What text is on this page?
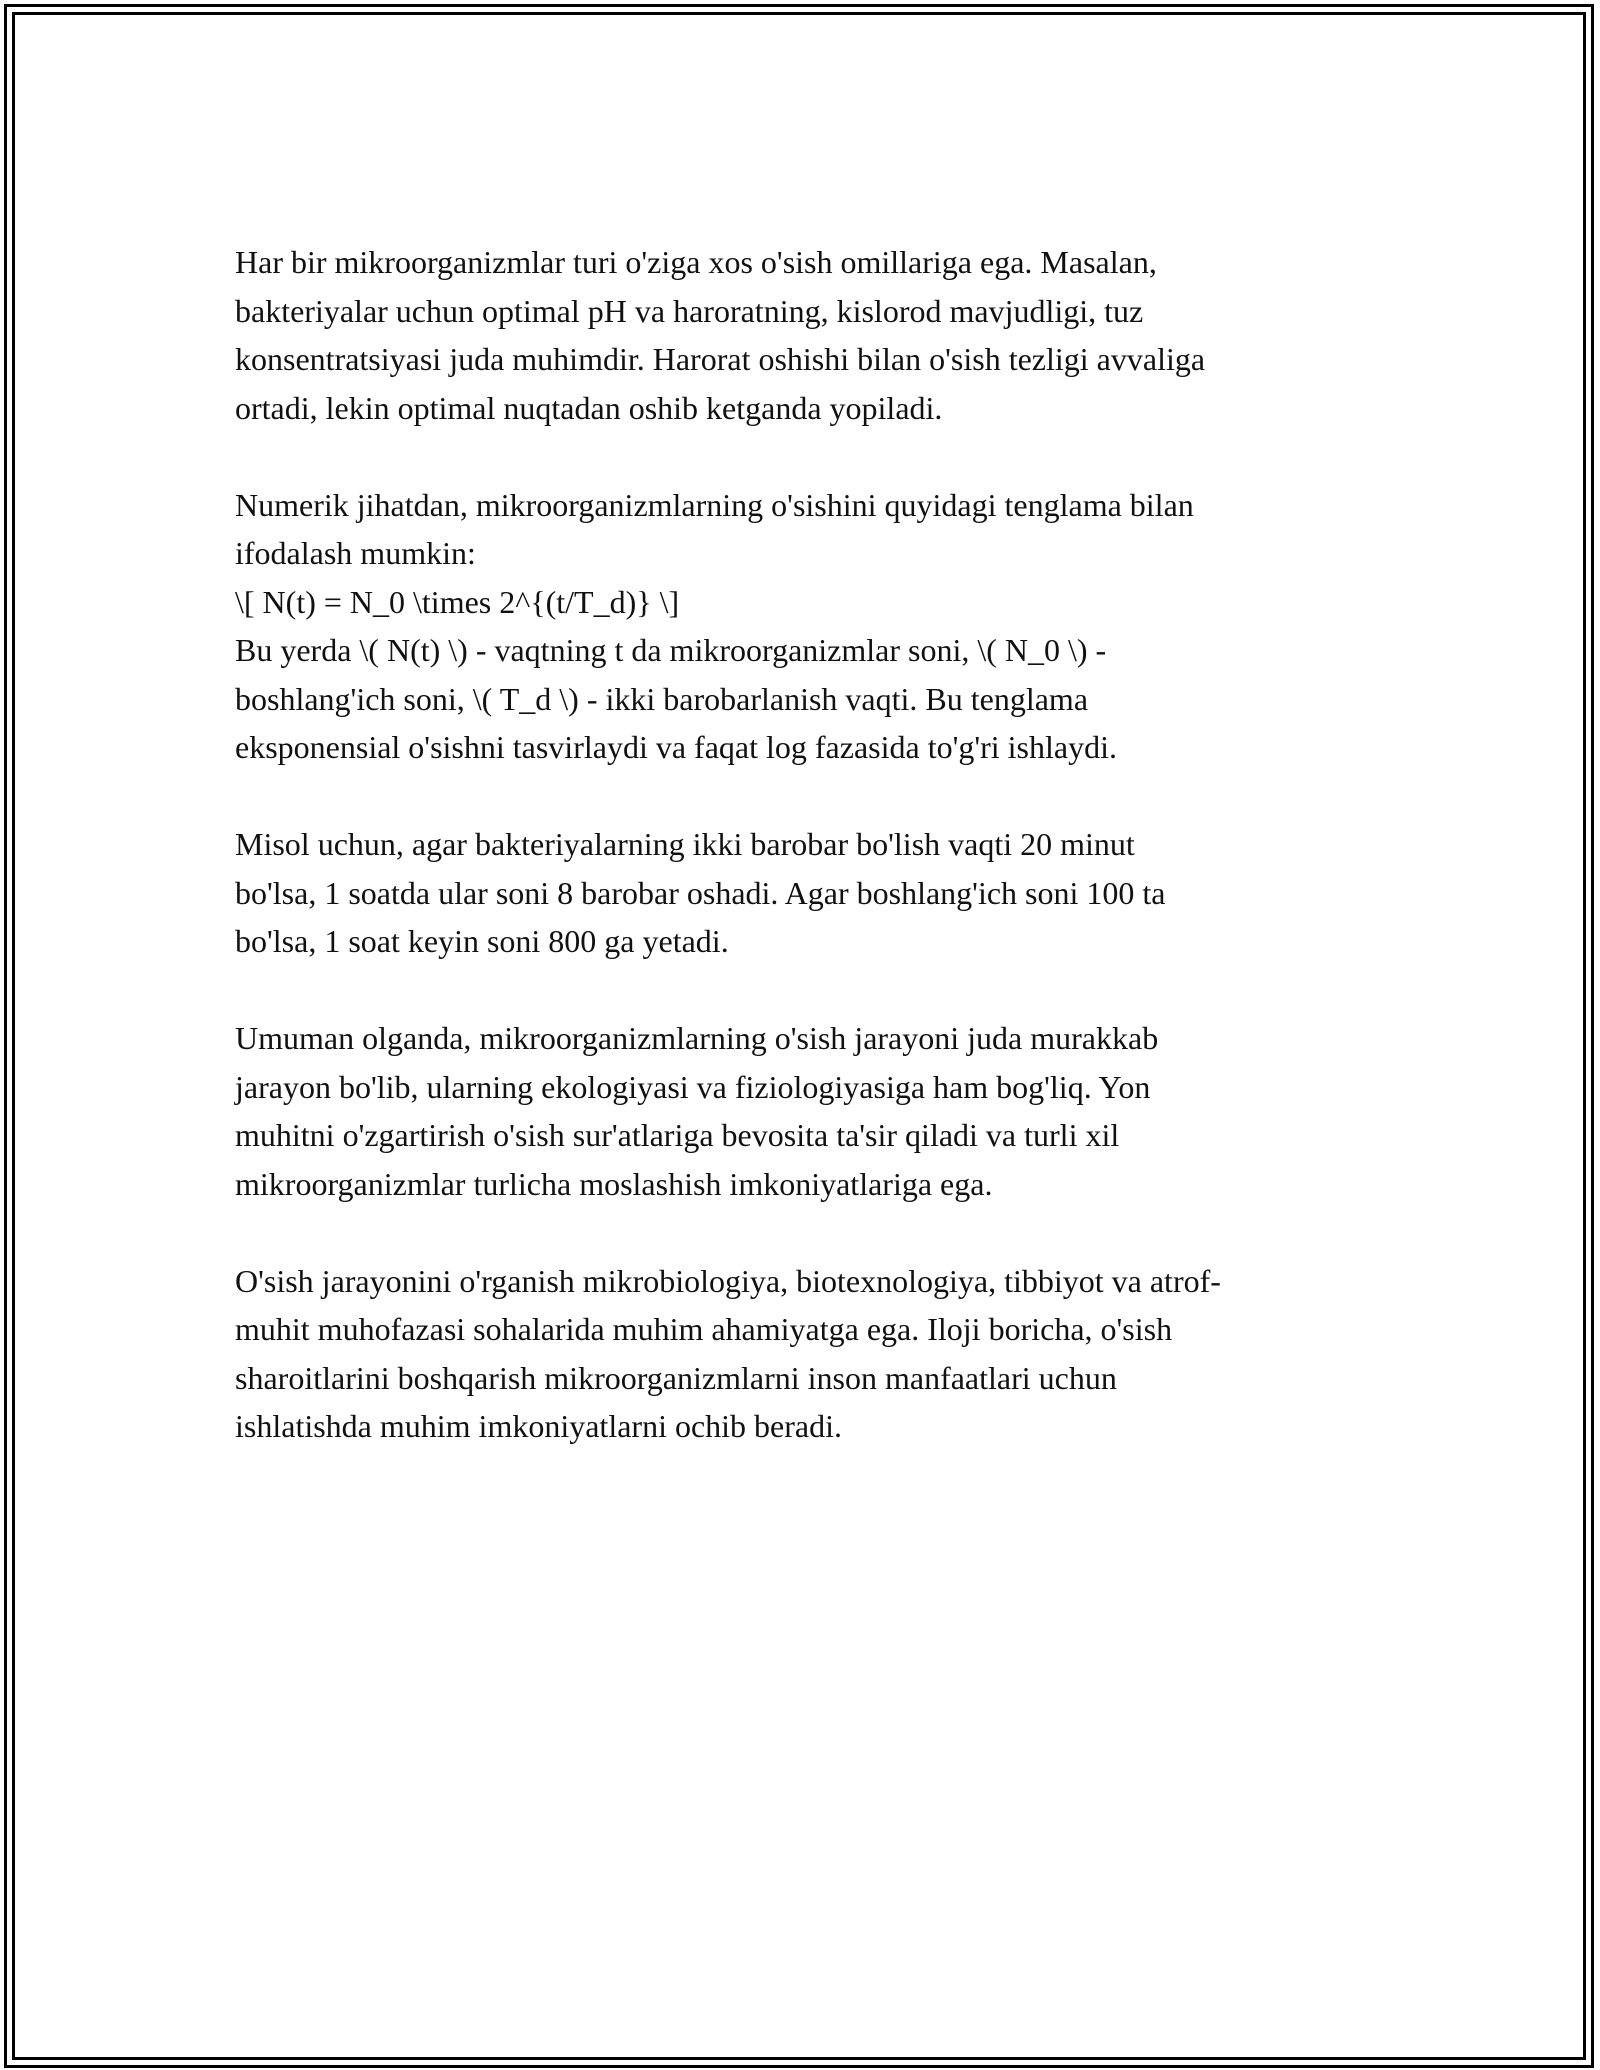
Har bir mikroorganizmlar turi o'ziga xos o'sish omillariga ega. Masalan,
bakteriyalar uchun optimal pH va haroratning, kislorod mavjudligi, tuz
konsentratsiyasi juda muhimdir. Harorat oshishi bilan o'sish tezligi avvaliga
ortadi, lekin optimal nuqtadan oshib ketganda yopiladi.

Numerik jihatdan, mikroorganizmlarning o'sishini quyidagi tenglama bilan
ifodalash mumkin:
\[ N(t) = N_0 \times 2^{(t/T_d)} \]
Bu yerda \( N(t) \) - vaqtning t da mikroorganizmlar soni, \( N_0 \) -
boshlang'ich soni, \( T_d \) - ikki barobarlanish vaqti. Bu tenglama
eksponensial o'sishni tasvirlaydi va faqat log fazasida to'g'ri ishlaydi.

Misol uchun, agar bakteriyalarning ikki barobar bo'lish vaqti 20 minut
bo'lsa, 1 soatda ular soni 8 barobar oshadi. Agar boshlang'ich soni 100 ta
bo'lsa, 1 soat keyin soni 800 ga yetadi.

Umuman olganda, mikroorganizmlarning o'sish jarayoni juda murakkab
jarayon bo'lib, ularning ekologiyasi va fiziologiyasiga ham bog'liq. Yon
muhitni o'zgartirish o'sish sur'atlariga bevosita ta'sir qiladi va turli xil
mikroorganizmlar turlicha moslashish imkoniyatlariga ega.

O'sish jarayonini o'rganish mikrobiologiya, biotexnologiya, tibbiyot va atrof-
muhit muhofazasi sohalarida muhim ahamiyatga ega. Iloji boricha, o'sish
sharoitlarini boshqarish mikroorganizmlarni inson manfaatlari uchun
ishlatishda muhim imkoniyatlarni ochib beradi.
